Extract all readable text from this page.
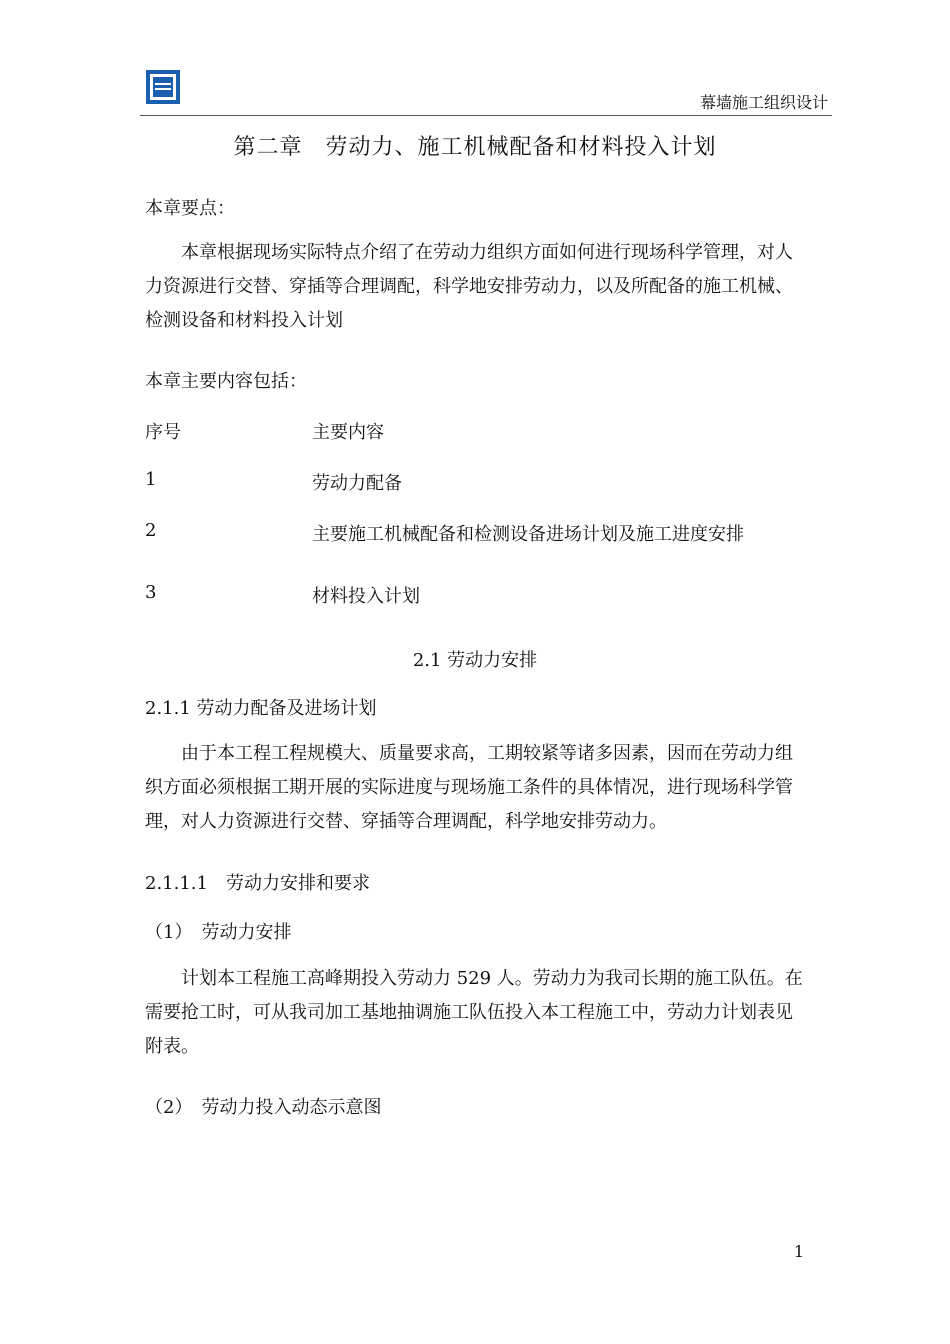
幕墙施工组织设计
第二章　劳动力、施工机械配备和材料投入计划
本章要点：
本章根据现场实际特点介绍了在劳动力组织方面如何进行现场科学管理，对人力资源进行交替、穿插等合理调配，科学地安排劳动力，以及所配备的施工机械、检测设备和材料投入计划
本章主要内容包括：
序号	主要内容
1	劳动力配备
2	主要施工机械配备和检测设备进场计划及施工进度安排
3	材料投入计划
2.1 劳动力安排
2.1.1 劳动力配备及进场计划
由于本工程工程规模大、质量要求高，工期较紧等诸多因素，因而在劳动力组织方面必须根据工期开展的实际进度与现场施工条件的具体情况，进行现场科学管理，对人力资源进行交替、穿插等合理调配，科学地安排劳动力。
2.1.1.1　劳动力安排和要求
（1）　劳动力安排
计划本工程施工高峰期投入劳动力 529 人。劳动力为我司长期的施工队伍。在需要抢工时，可从我司加工基地抽调施工队伍投入本工程施工中，劳动力计划表见附表。
（2）　劳动力投入动态示意图
1
